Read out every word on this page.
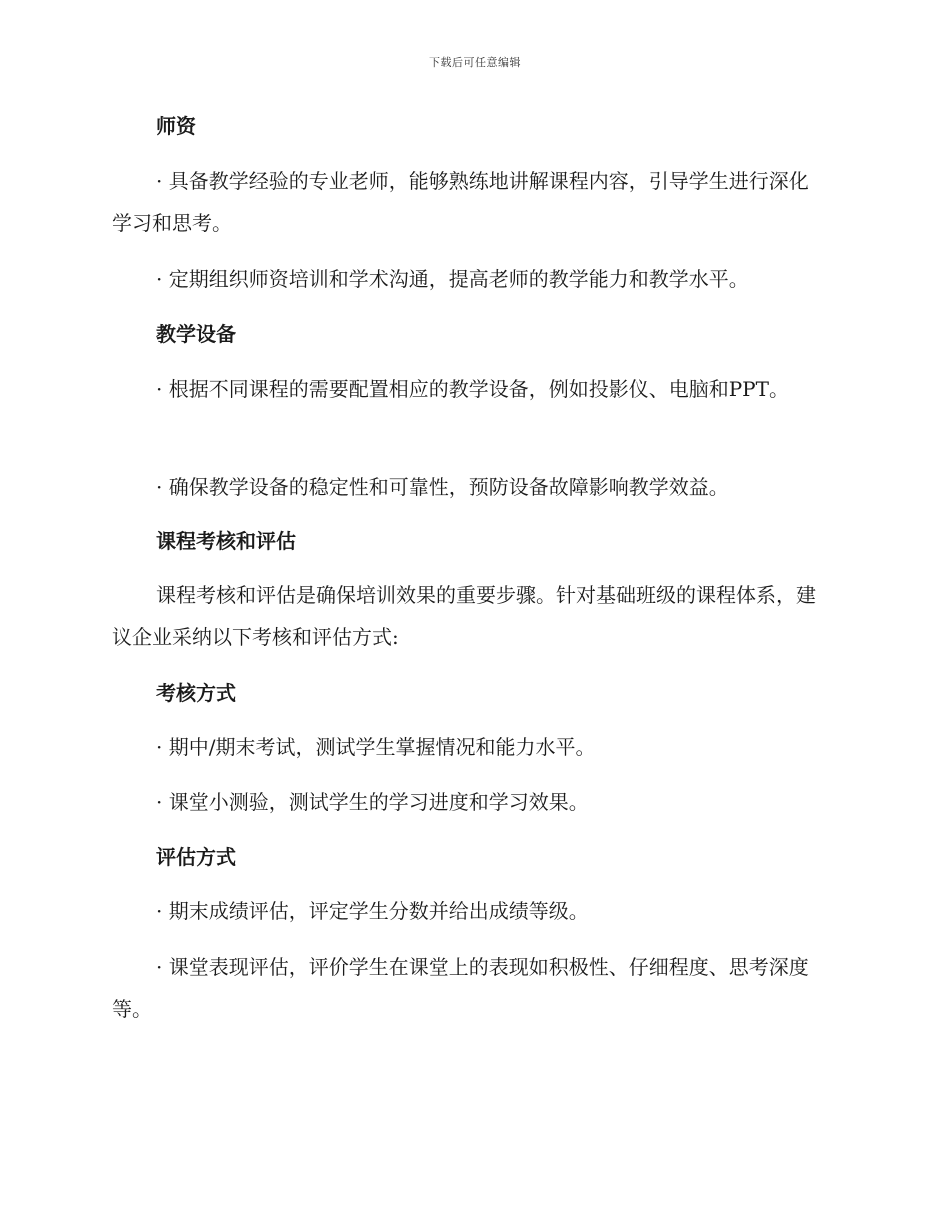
下载后可任意编辑
师资

· 具备教学经验的专业老师，能够熟练地讲解课程内容，引导学生进行深化学习和思考。

· 定期组织师资培训和学术沟通，提高老师的教学能力和教学水平。

教学设备

· 根据不同课程的需要配置相应的教学设备，例如投影仪、电脑和PPT。

· 确保教学设备的稳定性和可靠性，预防设备故障影响教学效益。

课程考核和评估

课程考核和评估是确保培训效果的重要步骤。针对基础班级的课程体系，建议企业采纳以下考核和评估方式:

考核方式

· 期中/期末考试，测试学生掌握情况和能力水平。

· 课堂小测验，测试学生的学习进度和学习效果。

评估方式

· 期末成绩评估，评定学生分数并给出成绩等级。

· 课堂表现评估，评价学生在课堂上的表现如积极性、仔细程度、思考深度等。
